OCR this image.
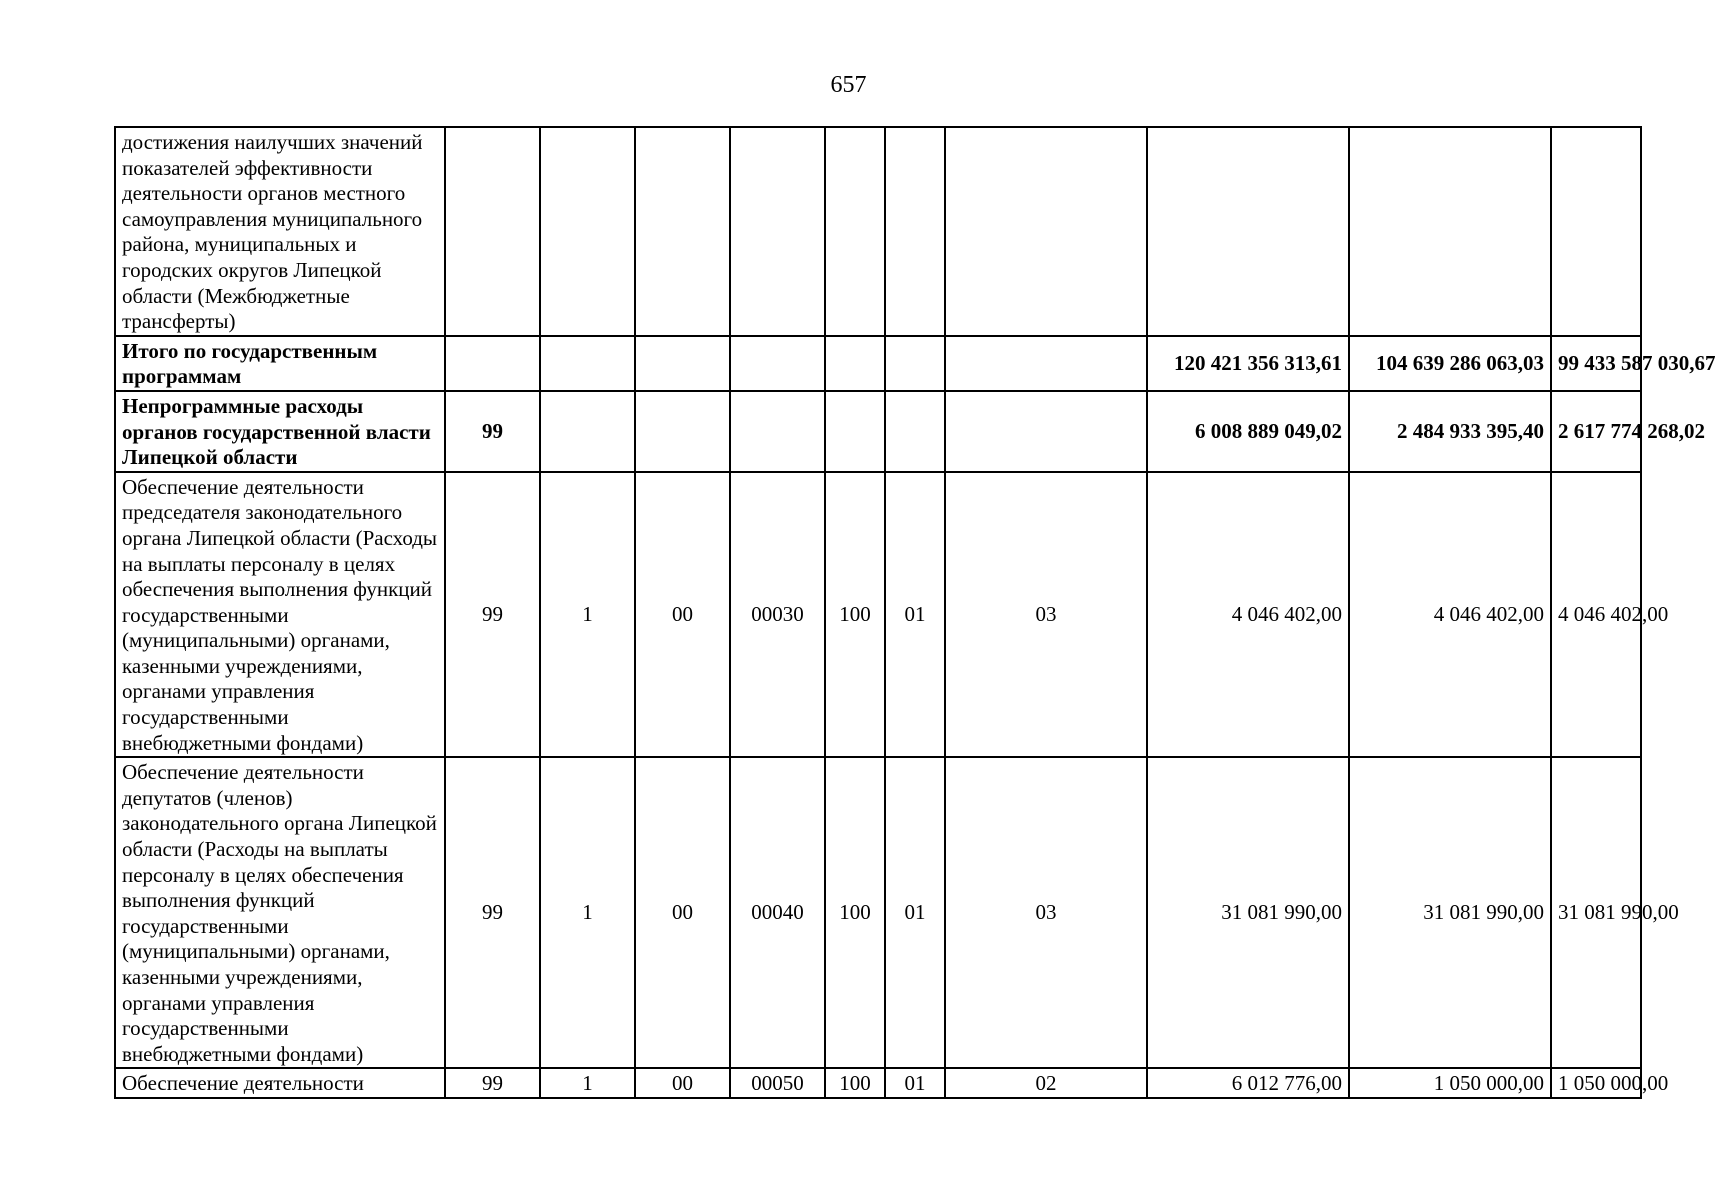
657
достижения наилучших значений показателей эффективности деятельности органов местного самоуправления муниципального района, муниципальных и городских округов Липецкой области (Межбюджетные трансферты)										
Итого по государственным программам								120 421 356 313,61	104 639 286 063,03	99 433 587 030,67
Непрограммные расходы органов государственной власти Липецкой области	99							6 008 889 049,02	2 484 933 395,40	2 617 774 268,02
Обеспечение деятельности председателя законодательного органа Липецкой области (Расходы на выплаты персоналу в целях обеспечения выполнения функций государственными (муниципальными) органами, казенными учреждениями, органами управления государственными внебюджетными фондами)	99	1	00	00030	100	01	03	4 046 402,00	4 046 402,00	4 046 402,00
Обеспечение деятельности депутатов (членов) законодательного органа Липецкой области (Расходы на выплаты персоналу в целях обеспечения выполнения функций государственными (муниципальными) органами, казенными учреждениями, органами управления государственными внебюджетными фондами)	99	1	00	00040	100	01	03	31 081 990,00	31 081 990,00	31 081 990,00
Обеспечение деятельности	99	1	00	00050	100	01	02	6 012 776,00	1 050 000,00	1 050 000,00
